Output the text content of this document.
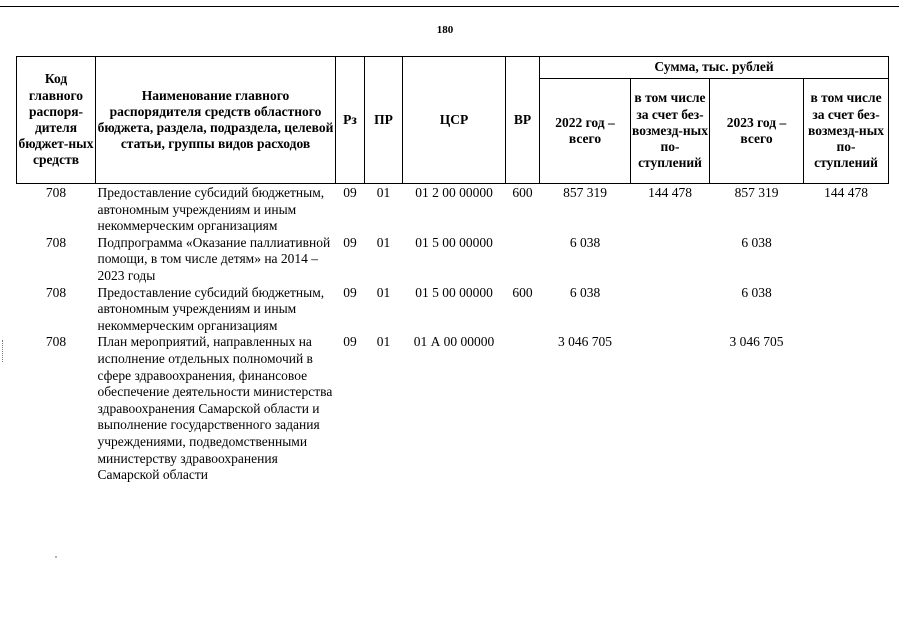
180
Код главного распоря-дителя бюджет-ных средств	Наименование главного распорядителя средств областного бюджета, раздела, подраздела, целевой статьи, группы видов расходов	Рз	ПР	ЦСР	ВР	Сумма, тыс. рублей			
						2022 год – всего	в том числе за счет без-возмезд-ных по-ступлений	2023 год – всего	в том числе за счет без-возмезд-ных по-ступлений
708	Предоставление субсидий бюджетным, автономным учреждениям и иным некоммерческим организациям	09	01	01 2 00 00000	600	857 319	144 478	857 319	144 478
708	Подпрограмма «Оказание паллиативной помощи, в том числе детям» на 2014 – 2023 годы	09	01	01 5 00 00000		6 038		6 038	
708	Предоставление субсидий бюджетным, автономным учреждениям и иным некоммерческим организациям	09	01	01 5 00 00000	600	6 038		6 038	
708	План мероприятий, направленных на исполнение отдельных полномочий в сфере здравоохранения, финансовое обеспечение деятельности министерства здравоохранения Самарской области и выполнение государственного задания учреждениями, подведомственными министерству здравоохранения Самарской области	09	01	01 А 00 00000		3 046 705		3 046 705	
